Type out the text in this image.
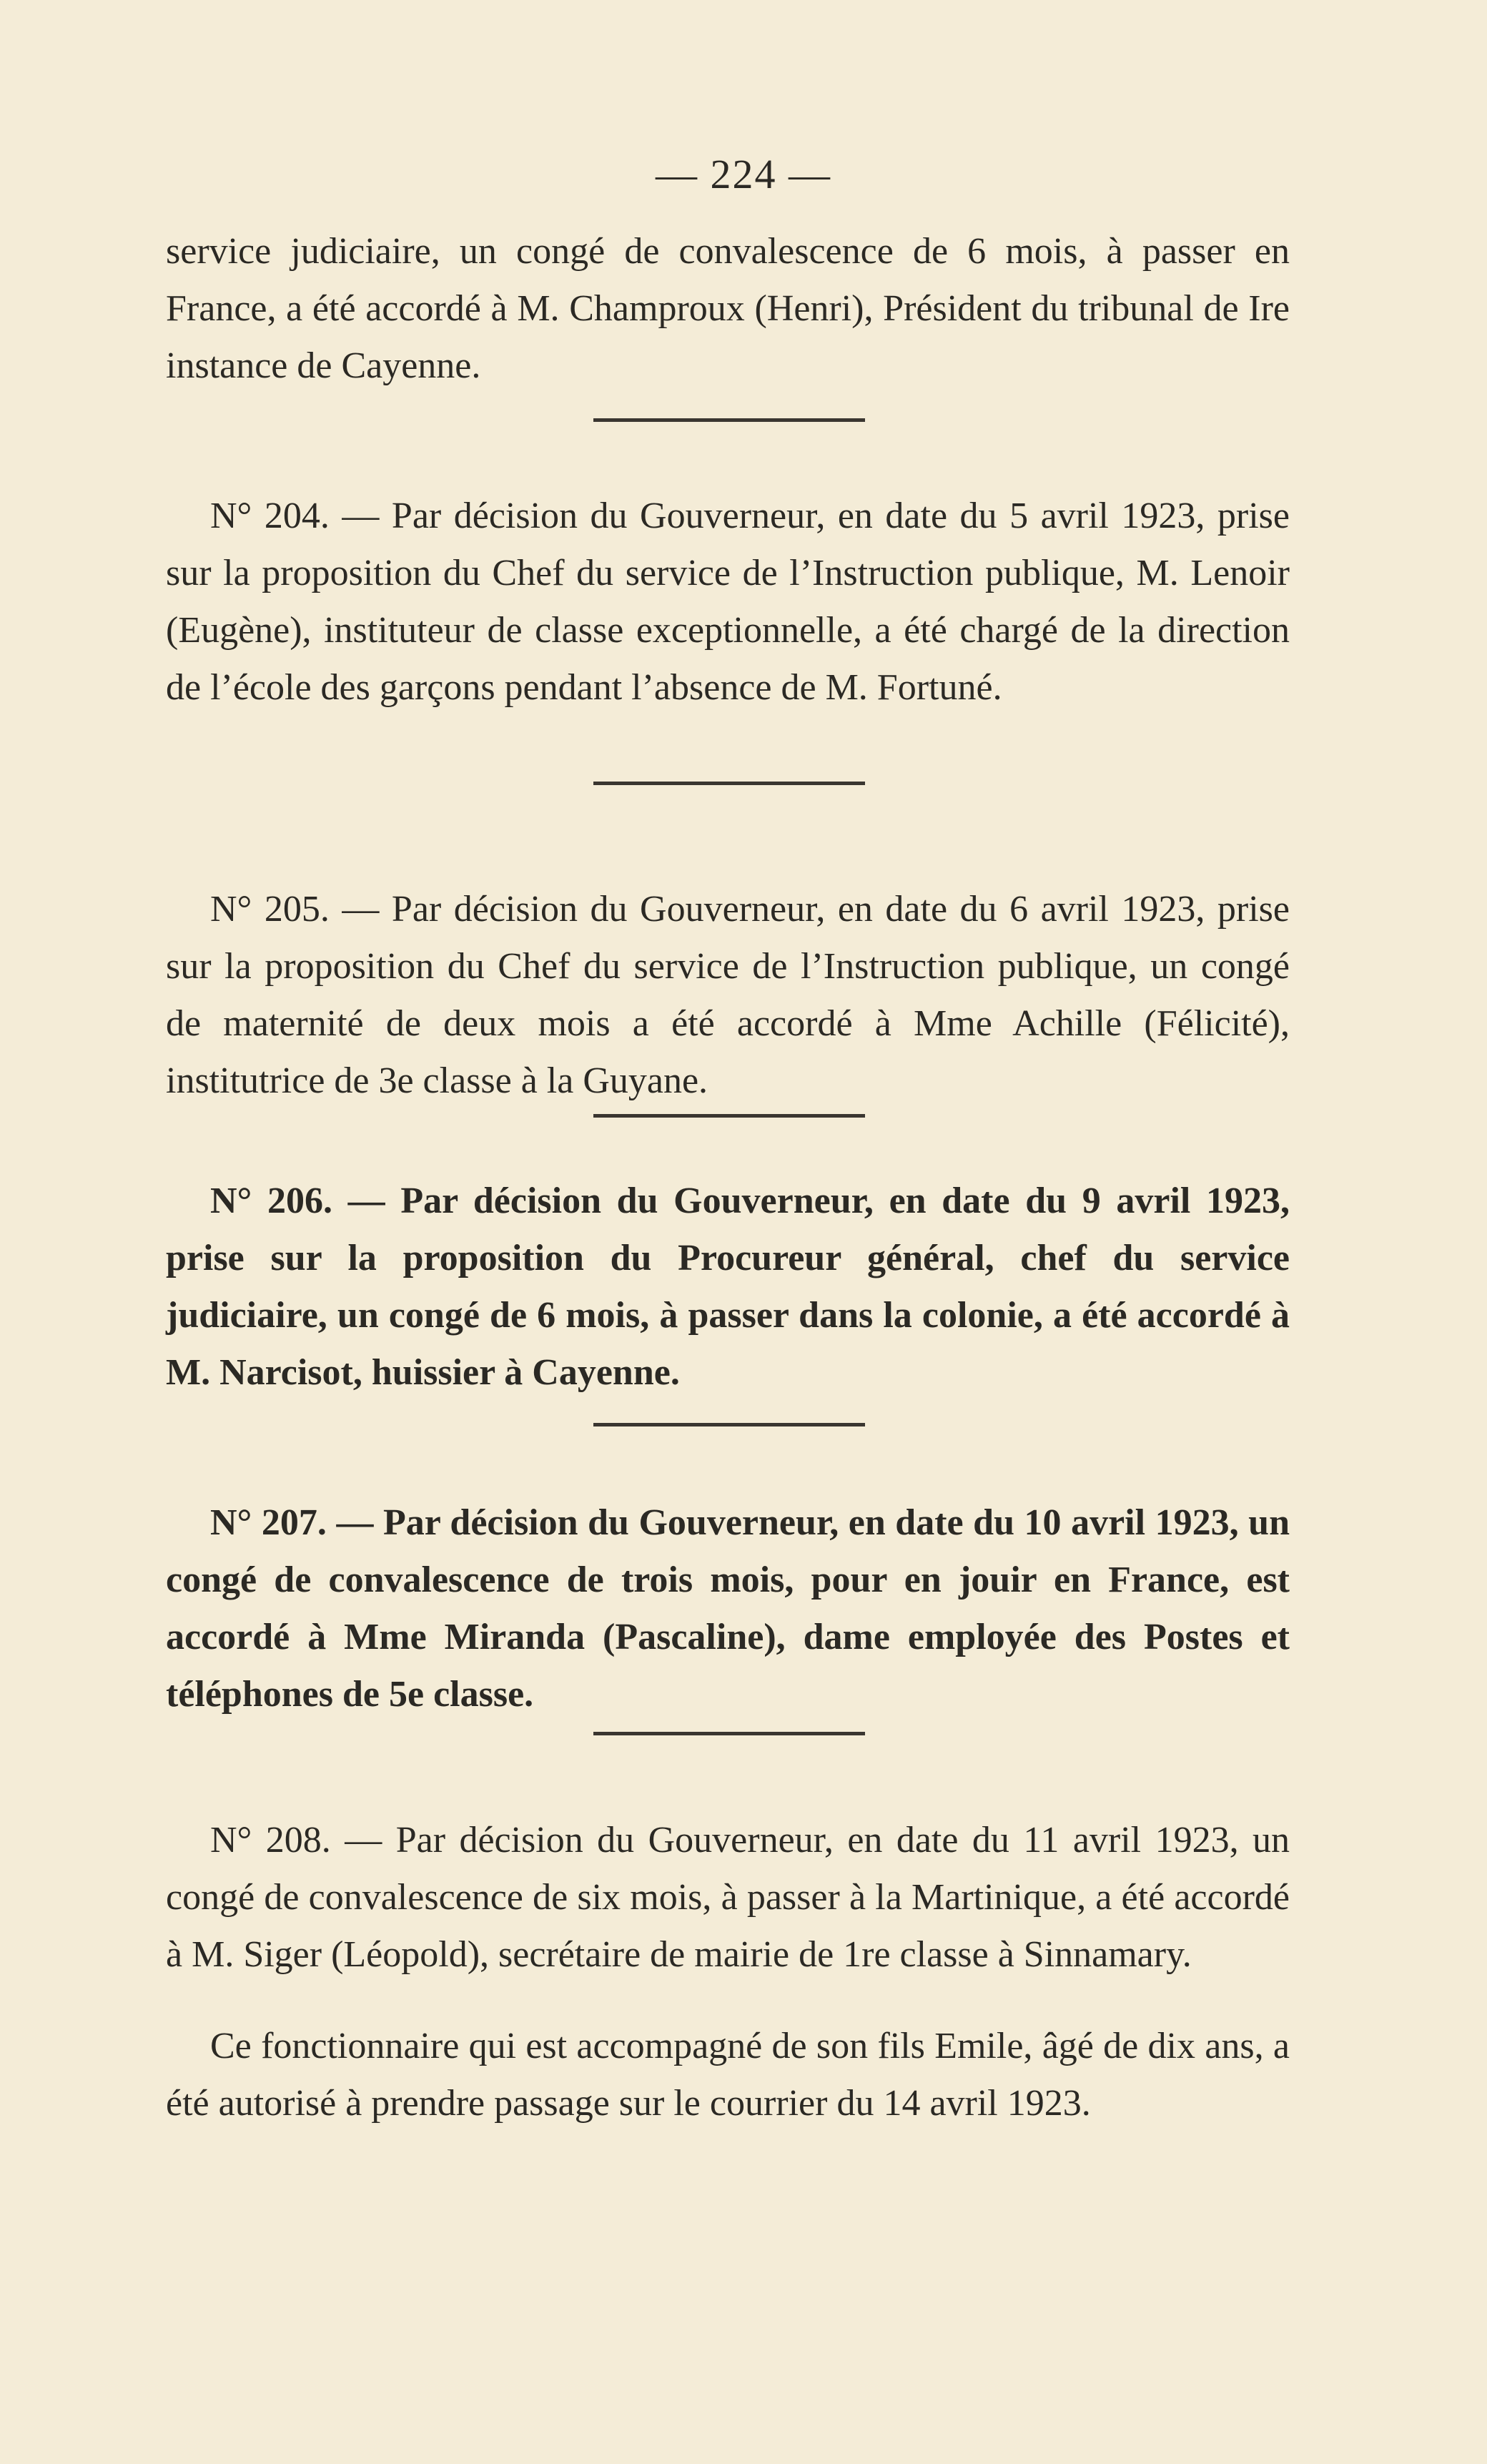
— 224 —

service judiciaire, un congé de convalescence de 6 mois, à passer en France, a été accordé à M. Champroux (Henri), Président du tribunal de Ire instance de Cayenne.

N° 204. — Par décision du Gouverneur, en date du 5 avril 1923, prise sur la proposition du Chef du service de l’Instruction publique, M. Lenoir (Eugène), instituteur de classe exceptionnelle, a été chargé de la direction de l’école des garçons pendant l’absence de M. Fortuné.

N° 205. — Par décision du Gouverneur, en date du 6 avril 1923, prise sur la proposition du Chef du service de l’Instruction publique, un congé de maternité de deux mois a été accordé à Mme Achille (Félicité), institutrice de 3e classe à la Guyane.

N° 206. — Par décision du Gouverneur, en date du 9 avril 1923, prise sur la proposition du Procureur général, chef du service judiciaire, un congé de 6 mois, à passer dans la colonie, a été accordé à M. Narcisot, huissier à Cayenne.

N° 207. — Par décision du Gouverneur, en date du 10 avril 1923, un congé de convalescence de trois mois, pour en jouir en France, est accordé à Mme Miranda (Pascaline), dame employée des Postes et téléphones de 5e classe.

N° 208. — Par décision du Gouverneur, en date du 11 avril 1923, un congé de convalescence de six mois, à passer à la Martinique, a été accordé à M. Siger (Léopold), secrétaire de mairie de 1re classe à Sinnamary.

Ce fonctionnaire qui est accompagné de son fils Emile, âgé de dix ans, a été autorisé à prendre passage sur le courrier du 14 avril 1923.
